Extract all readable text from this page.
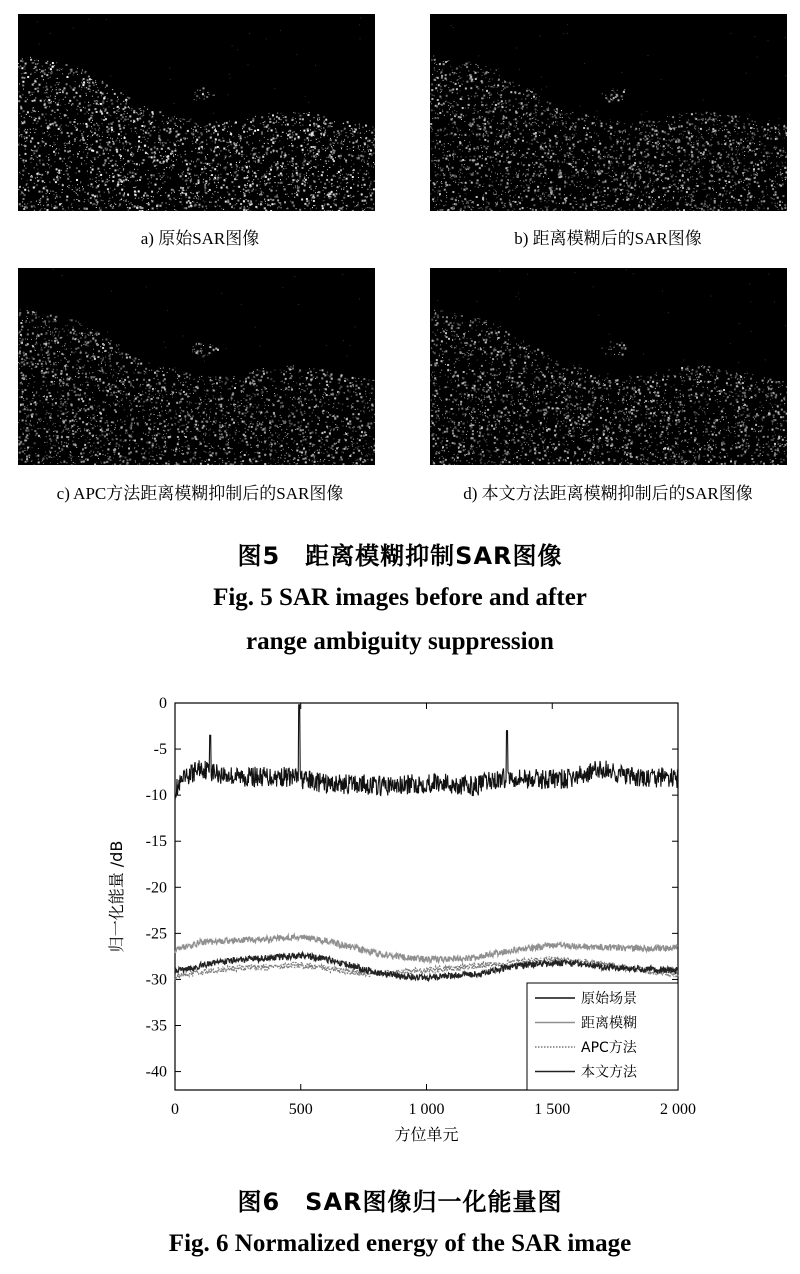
a) 原始SAR图像	b) 距离模糊后的SAR图像
c) APC方法距离模糊抑制后的SAR图像	d) 本文方法距离模糊抑制后的SAR图像
图5　距离模糊抑制SAR图像
Fig. 5 SAR images before and after
range ambiguity suppression
0
-5
-10
-15
-20
-25
-30
-35
-40
0	500	1 000	1 500	2 000
方位单元
归一化能量 /dB
原始场景
距离模糊
APC方法
本文方法
图6　SAR图像归一化能量图
Fig. 6 Normalized energy of the SAR image
